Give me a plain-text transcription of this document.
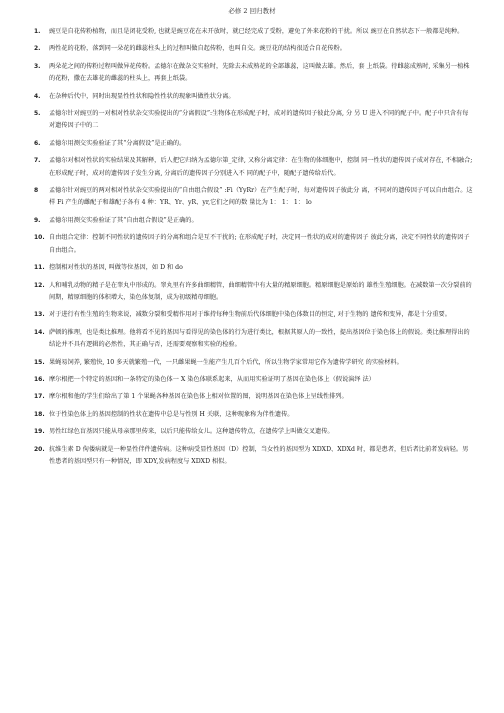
必修 2 回归教材
1.	豌豆是自花传粉植物，而且是闭花受粉, 也就是豌豆花在未开放时，就已经完成了受粉，避免了外来花粉的干扰。所以 豌豆在自然状态下一般都是纯种。
2.	两性花的花粉，落到同一朵花的雌蕊柱头上的过程叫做自起传粉，也叫自交。豌豆花的结构很适合自花传粉。
3.	两朵花之间的传粉过程叫做异花传粉。孟德尔在做杂交实验时，先除去未成熟花的全部雄蕊，这叫做去雄。然后，套 上纸袋。待雌蕊成熟时, 采集另一植株的花粉，撒在去雄花的雌蕊的柱头上，再套上纸袋。
4.	在杂种后代中，同时出现显性性状和隐性性状的现象叫做性状分离。
5.	孟德尔针对豌豆的一对相对性状杂交实验提出的“分离假设”:生物体在形成配子时，成对的遗传因子彼此分离, 分 另 U 进入不同的配子中。配子中只含有每对遗传因子中的二
6.	孟德尔用测交实验验证了其“分离假设”是正确的。
7.	孟德尔对相对性状的实验结果及其解释，后人把它归纳为孟德尔第_定律, 又称分离定律：在生物的体细胞中，控制 同一性状的遗传因子成对存在, 不相融合; 在形成配子时，成对的遗传因子发生分离, 分离后的遗传因子分别进入不 同的配子中，随配子遗传给后代。
8	孟德尔针对豌豆的两对相对性状杂交实验提出的“自由组合假设” :Fi（YyRr）在产生配子时，每对遗传因子彼此分 离，不同对的遗传因子可以自由组合。这样 Fi 产生的雌配子和雄配子各有 4 种：YR、Yr、yR、yr,它们之间的数 量比为 1： 1： 1： lo
9.	孟德尔用测交实验验证了其“自由组合假设”是正确的。
10. 自由组合定律：控制不同性状的遗传因子的分离和组合是互不干扰的; 在形成配子时，决定同一性状的成对的遗传因子 彼此分离，决定不同性状的遗传因子自由组合。
11. 控制相对性状的基因, 叫做等位基因，如 D 和 do
12. 人和哺乳动物的精子是在睾丸中形成的。睾丸里有许多曲细精管，曲细精管中有大量的精原细胞。精原细胞是原始的 雄性生殖细胞。在减数第一次分裂前的间期，精原细胞的体积增大，染色体复制，成为初级精母细胞。
13. 对于进行有性生殖的生物来说，减数分裂和受精作用对于维持每种生物前后代体细胞中染色体数目的恒定, 对于生物的 遗传和变异，都是十分重要。
14. 萨顿的推理，也是类比推理。他将看不见的基因与看得见的染色体的行为进行类比，根据其原人的一致性，提出基因位于染色体上的假说。类比推理得出的结论并不具有逻辑的必然性，其正确与否，还需要观察和实验的检验。
15. 果蝇易饲养, 繁殖快, 10 多天就繁殖一代，一只雌果蝇一生能产生几百个后代，所以生物学家常用它作为遗传学研究 的实验材料。
16. 摩尔根把一个特定的基因和一条特定的染色体一 X 染色体联系起来，从而用实验证明了基因在染色体上（假说演绎 法）
17. 摩尔根和他的学生们给出了第 1 个果蝇各种基因在染色体上相对位置的图，说明基因在染色体上呈线性排列。
18. 位于性染色体上的基因控制的性状在遗传中总是与性别 H 关联，这种现象称为伴性遗传。
19. 男性红绿色盲基因只能从母亲那里传来，以后只能传给女儿。这种遗传特点，在遗传学上叫做交叉遗传。
20. 抗维生素 D 佝偻病就是一种显性伴件遗传病。这种病受显性基因（D）控制，当女性的基因型为 XDXD、XDXd 时，都是患者，但后者比前者发病轻。男性患者的基因型只有一种情况，即 XDY,发病程度与 XDXD 相似。
